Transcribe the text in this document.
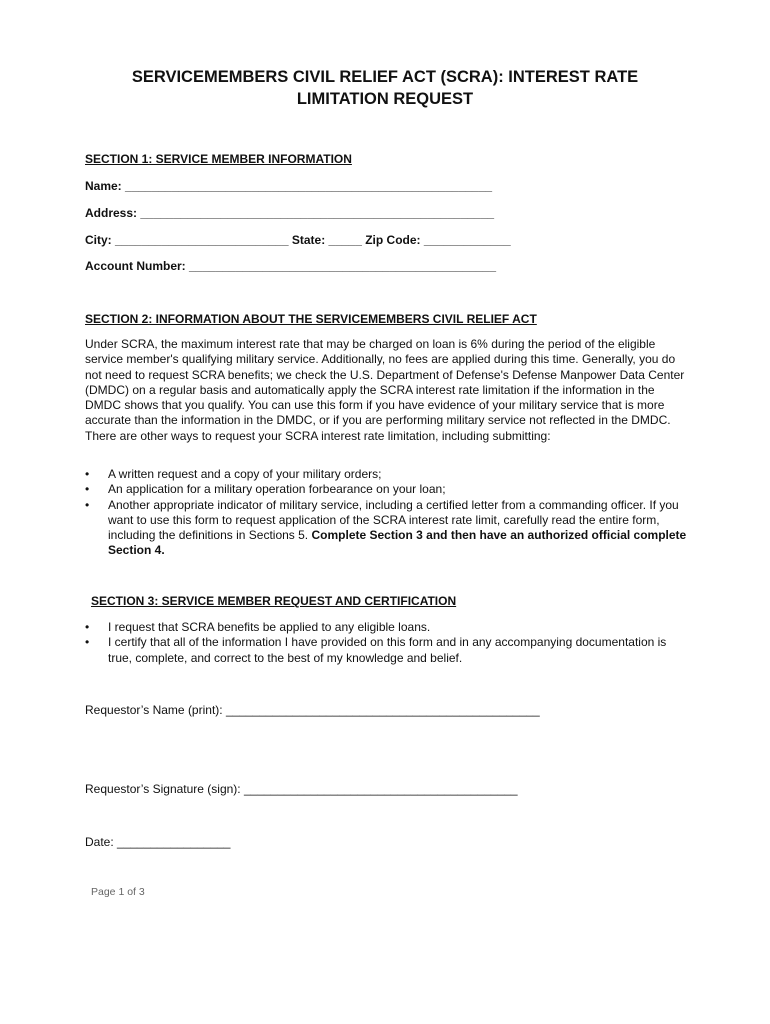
SERVICEMEMBERS CIVIL RELIEF ACT (SCRA): INTEREST RATE
LIMITATION REQUEST
SECTION 1: SERVICE MEMBER INFORMATION
Name: _______________________________________________________
Address: _____________________________________________________
City: __________________________ State: _____ Zip Code: _____________
Account Number: ______________________________________________
SECTION 2: INFORMATION ABOUT THE SERVICEMEMBERS CIVIL RELIEF ACT
Under SCRA, the maximum interest rate that may be charged on loan is 6% during the period of the eligible service member's qualifying military service. Additionally, no fees are applied during this time. Generally, you do not need to request SCRA benefits; we check the U.S. Department of Defense's Defense Manpower Data Center (DMDC) on a regular basis and automatically apply the SCRA interest rate limitation if the information in the DMDC shows that you qualify. You can use this form if you have evidence of your military service that is more accurate than the information in the DMDC, or if you are performing military service not reflected in the DMDC. There are other ways to request your SCRA interest rate limitation, including submitting:
• A written request and a copy of your military orders;
• An application for a military operation forbearance on your loan;
• Another appropriate indicator of military service, including a certified letter from a commanding officer. If you want to use this form to request application of the SCRA interest rate limit, carefully read the entire form, including the definitions in Sections 5. Complete Section 3 and then have an authorized official complete Section 4.
SECTION 3: SERVICE MEMBER REQUEST AND CERTIFICATION
• I request that SCRA benefits be applied to any eligible loans.
• I certify that all of the information I have provided on this form and in any accompanying documentation is true, complete, and correct to the best of my knowledge and belief.
Requestor’s Name (print): _______________________________________________
Requestor’s Signature (sign): _________________________________________
Date: _________________
Page 1 of 3
